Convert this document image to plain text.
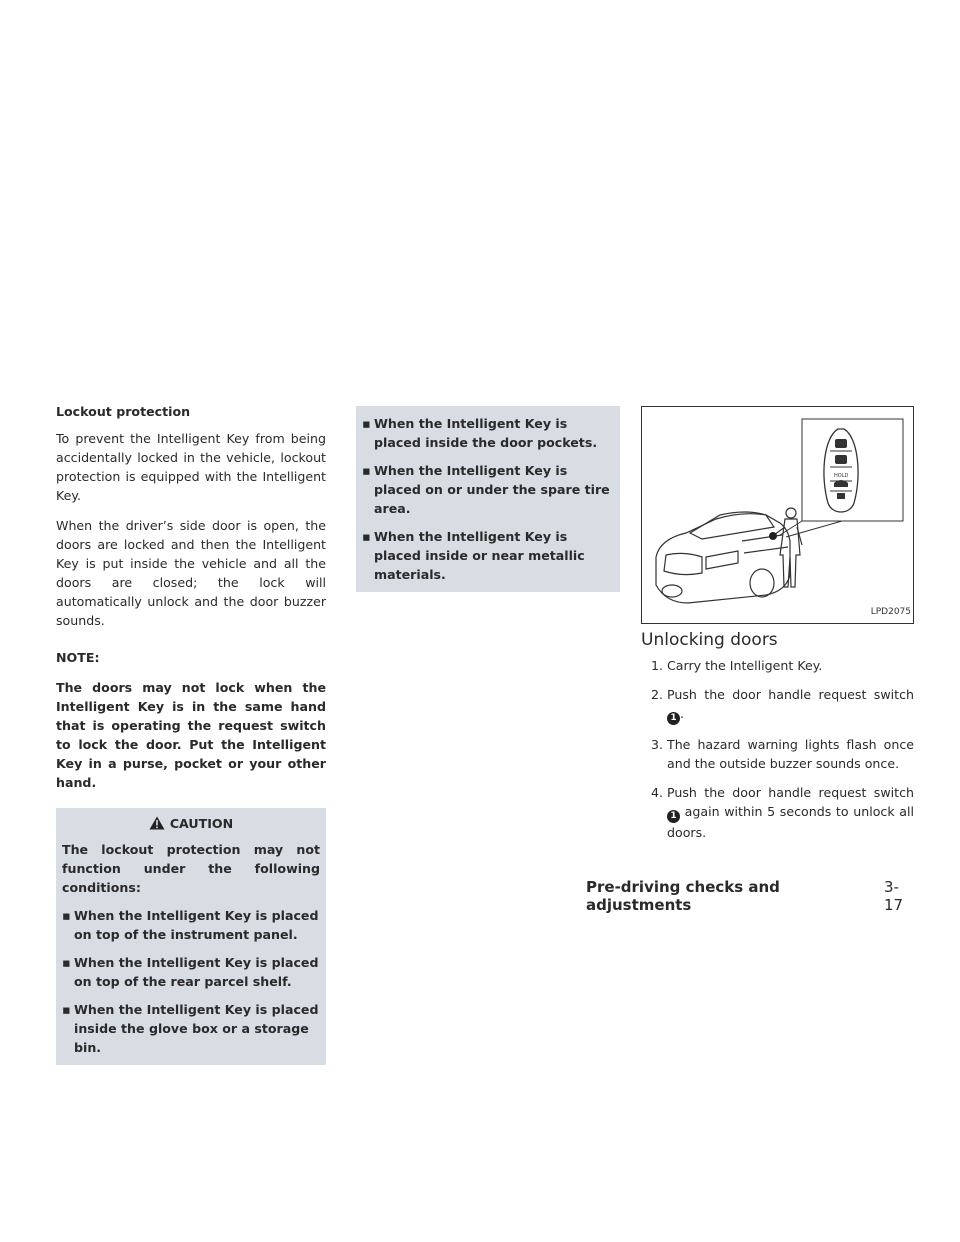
Lockout protection

To prevent the Intelligent Key from being accidentally locked in the vehicle, lockout protection is equipped with the Intelligent Key.

When the driver’s side door is open, the doors are locked and then the Intelligent Key is put inside the vehicle and all the doors are closed; the lock will automatically unlock and the door buzzer sounds.

NOTE:

The doors may not lock when the Intelligent Key is in the same hand that is operating the request switch to lock the door. Put the Intelligent Key in a purse, pocket or your other hand.

CAUTION

The lockout protection may not function under the following conditions:

▪ When the Intelligent Key is placed on top of the instrument panel.
▪ When the Intelligent Key is placed on top of the rear parcel shelf.
▪ When the Intelligent Key is placed inside the glove box or a storage bin.
▪ When the Intelligent Key is placed inside the door pockets.
▪ When the Intelligent Key is placed on or under the spare tire area.
▪ When the Intelligent Key is placed inside or near metallic materials.
HOLD
LPD2075
Unlocking doors
1. Carry the Intelligent Key.
2. Push the door handle request switch 1 .
3. The hazard warning lights flash once and the outside buzzer sounds once.
4. Push the door handle request switch 1 again within 5 seconds to unlock all doors.
Pre-driving checks and adjustments
3-17
